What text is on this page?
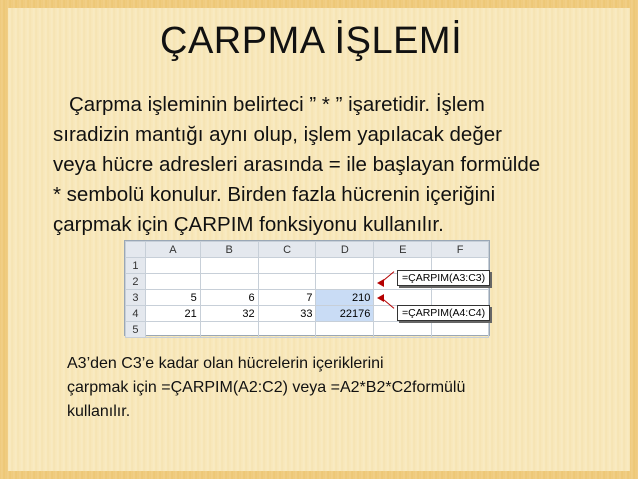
ÇARPMA İŞLEMİ

Çarpma işleminin belirteci ” * ” işaretidir. İşlem
sıradizin mantığı aynı olup, işlem yapılacak değer
veya hücre adresleri arasında = ile başlayan formülde
* sembolü konulur. Birden fazla hücrenin içeriğini
çarpmak için ÇARPIM fonksiyonu kullanılır.

	A	B	C	D	E	F
1						
2						
3	5	6	7	210		
4	21	32	33	22176		
5						
=ÇARPIM(A3:C3)
=ÇARPIM(A4:C4)

A3’den C3’e kadar olan hücrelerin içeriklerini
çarpmak için =ÇARPIM(A2:C2) veya =A2*B2*C2formülü
kullanılır.
